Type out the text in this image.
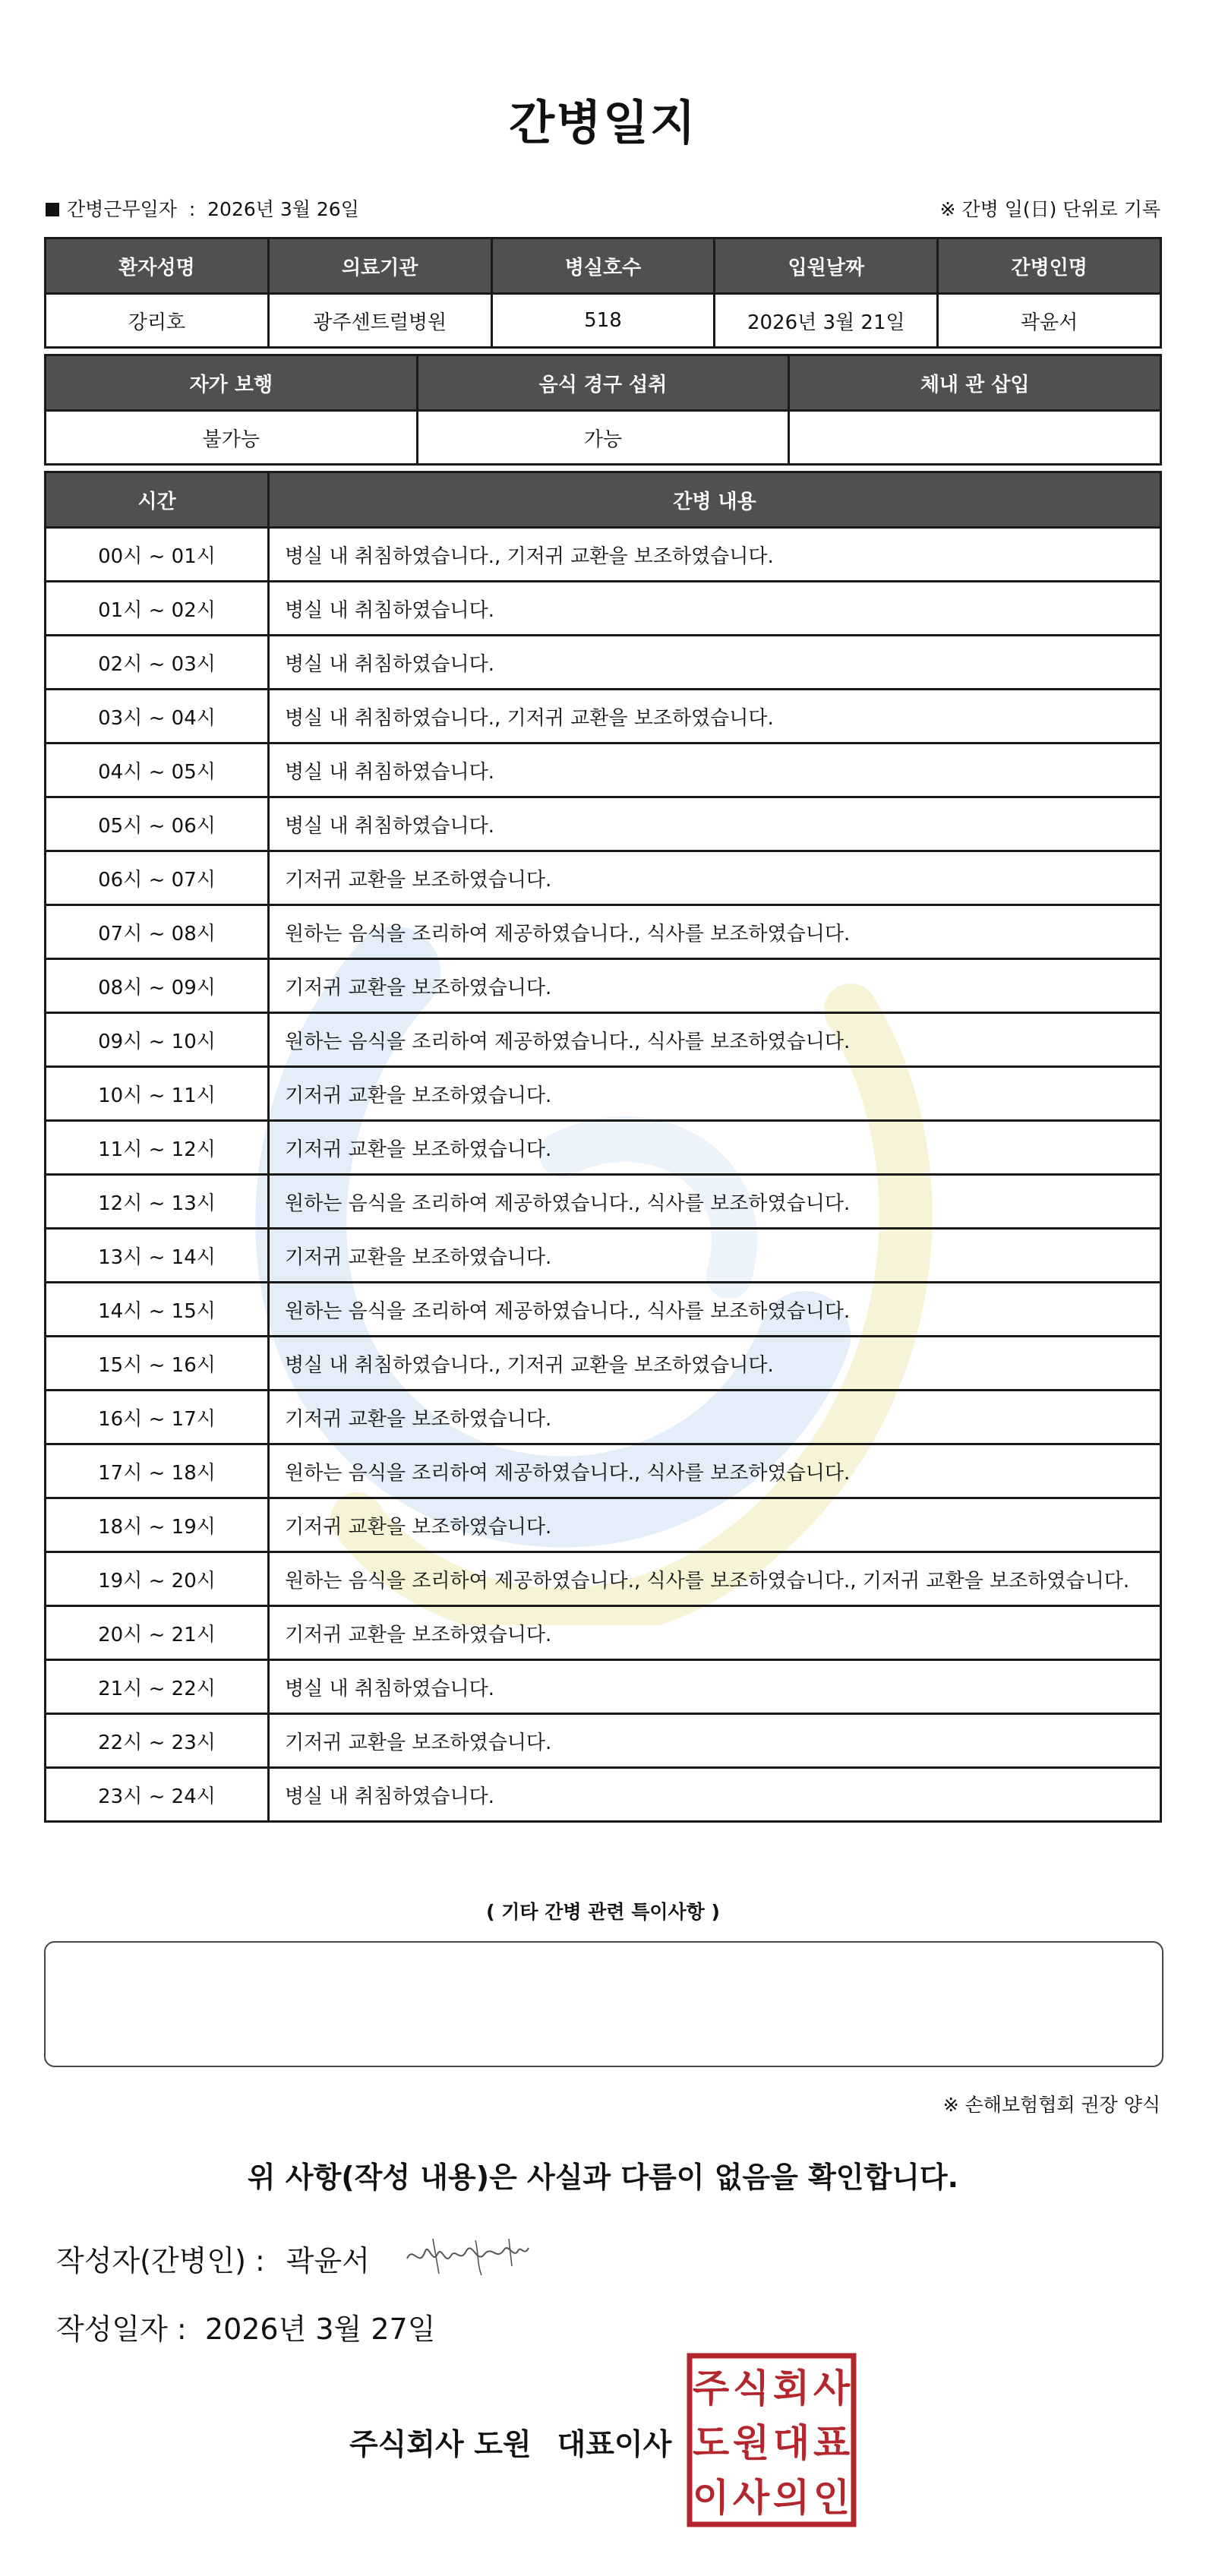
간병일지
간병근무일자 : 2026년 3월 26일	※ 간병 일(日) 단위로 기록
환자성명	의료기관	병실호수	입원날짜	간병인명
강리호	광주센트럴병원	518	2026년 3월 21일	곽윤서
자가 보행	음식 경구 섭취	체내 관 삽입
불가능	가능	
시간	간병 내용
00시 ~ 01시	병실 내 취침하였습니다., 기저귀 교환을 보조하였습니다.
01시 ~ 02시	병실 내 취침하였습니다.
02시 ~ 03시	병실 내 취침하였습니다.
03시 ~ 04시	병실 내 취침하였습니다., 기저귀 교환을 보조하였습니다.
04시 ~ 05시	병실 내 취침하였습니다.
05시 ~ 06시	병실 내 취침하였습니다.
06시 ~ 07시	기저귀 교환을 보조하였습니다.
07시 ~ 08시	원하는 음식을 조리하여 제공하였습니다., 식사를 보조하였습니다.
08시 ~ 09시	기저귀 교환을 보조하였습니다.
09시 ~ 10시	원하는 음식을 조리하여 제공하였습니다., 식사를 보조하였습니다.
10시 ~ 11시	기저귀 교환을 보조하였습니다.
11시 ~ 12시	기저귀 교환을 보조하였습니다.
12시 ~ 13시	원하는 음식을 조리하여 제공하였습니다., 식사를 보조하였습니다.
13시 ~ 14시	기저귀 교환을 보조하였습니다.
14시 ~ 15시	원하는 음식을 조리하여 제공하였습니다., 식사를 보조하였습니다.
15시 ~ 16시	병실 내 취침하였습니다., 기저귀 교환을 보조하였습니다.
16시 ~ 17시	기저귀 교환을 보조하였습니다.
17시 ~ 18시	원하는 음식을 조리하여 제공하였습니다., 식사를 보조하였습니다.
18시 ~ 19시	기저귀 교환을 보조하였습니다.
19시 ~ 20시	원하는 음식을 조리하여 제공하였습니다., 식사를 보조하였습니다., 기저귀 교환을 보조하였습니다.
20시 ~ 21시	기저귀 교환을 보조하였습니다.
21시 ~ 22시	병실 내 취침하였습니다.
22시 ~ 23시	기저귀 교환을 보조하였습니다.
23시 ~ 24시	병실 내 취침하였습니다.
( 기타 간병 관련 특이사항 )
※ 손해보험협회 권장 양식
위 사항(작성 내용)은 사실과 다름이 없음을 확인합니다.
작성자(간병인) : 곽윤서
작성일자 : 2026년 3월 27일
주식회사 도원 대표이사
주 식 회 사
도 원 대 표
이 사 의 인
